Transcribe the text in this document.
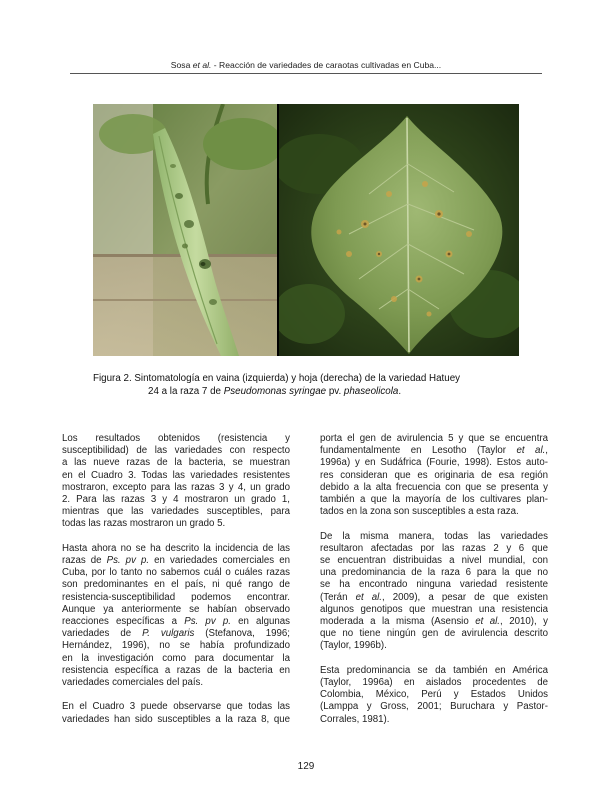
Sosa et al. - Reacción de variedades de caraotas cultivadas en Cuba...
Figura 2. Sintomatología en vaina (izquierda) y hoja (derecha) de la variedad Hatuey
24 a la raza 7 de Pseudomonas syringae pv. phaseolicola.

Los resultados obtenidos (resistencia y
susceptibilidad) de las variedades con respecto
a las nueve razas de la bacteria, se muestran
en el Cuadro 3. Todas las variedades resistentes
mostraron, excepto para las razas 3 y 4, un grado
2. Para las razas 3 y 4 mostraron un grado 1,
mientras que las variedades susceptibles, para
todas las razas mostraron un grado 5.

Hasta ahora no se ha descrito la incidencia de las
razas de Ps. pv p. en variedades comerciales en
Cuba, por lo tanto no sabemos cuál o cuáles razas
son predominantes en el país, ni qué rango de
resistencia-susceptibilidad podemos encontrar.
Aunque ya anteriormente se habían observado
reacciones específicas a Ps. pv p. en algunas
variedades de P. vulgaris (Stefanova, 1996;
Hernández, 1996), no se había profundizado
en la investigación como para documentar la
resistencia específica a razas de la bacteria en
variedades comerciales del país.

En el Cuadro 3 puede observarse que todas las
variedades han sido susceptibles a la raza 8, que

porta el gen de avirulencia 5 y que se encuentra
fundamentalmente en Lesotho (Taylor et al.,
1996a) y en Sudáfrica (Fourie, 1998). Estos auto-
res consideran que es originaria de esa región
debido a la alta frecuencia con que se presenta y
también a que la mayoría de los cultivares plan-
tados en la zona son susceptibles a esta raza.

De la misma manera, todas las variedades
resultaron afectadas por las razas 2 y 6 que
se encuentran distribuidas a nivel mundial, con
una predominancia de la raza 6 para la que no
se ha encontrado ninguna variedad resistente
(Terán et al., 2009), a pesar de que existen
algunos genotipos que muestran una resistencia
moderada a la misma (Asensio et al., 2010), y
que no tiene ningún gen de avirulencia descrito
(Taylor, 1996b).

Esta predominancia se da también en América
(Taylor, 1996a) en aislados procedentes de
Colombia, México, Perú y Estados Unidos
(Lamppa y Gross, 2001; Buruchara y Pastor-
Corrales, 1981).

129
